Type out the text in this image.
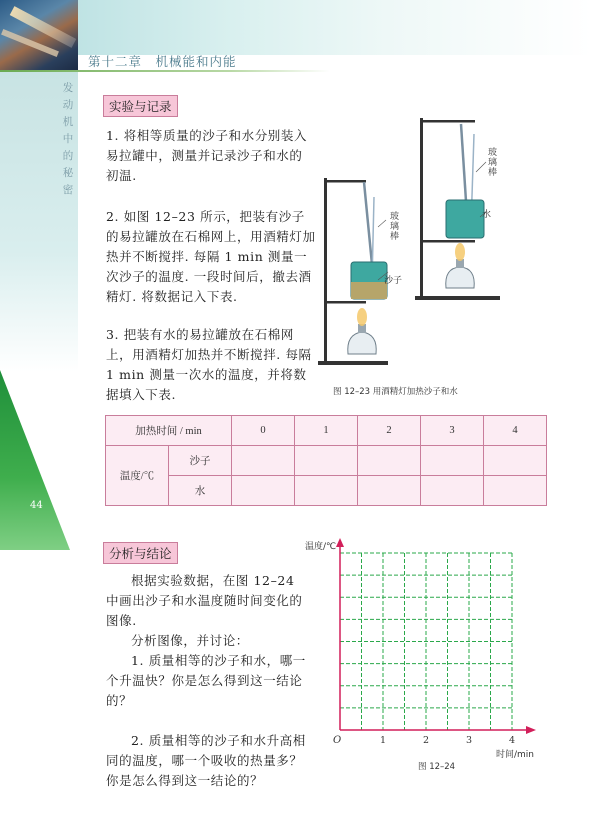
第十二章　机械能和内能
发动机中的秘密
44
实验与记录
1. 将相等质量的沙子和水分别装入易拉罐中，测量并记录沙子和水的初温.
2. 如图 12–23 所示，把装有沙子的易拉罐放在石棉网上，用酒精灯加热并不断搅拌. 每隔 1 min 测量一次沙子的温度. 一段时间后，撤去酒精灯. 将数据记入下表.
3. 把装有水的易拉罐放在石棉网上，用酒精灯加热并不断搅拌. 每隔 1 min 测量一次水的温度，并将数据填入下表.
玻璃棒
沙子
玻璃棒
水
图 12–23 用酒精灯加热沙子和水
加热时间 / min		0	1	2	3	4
温度/℃	沙子					
	水					
分析与结论
根据实验数据，在图 12–24 中画出沙子和水温度随时间变化的图像.
分析图像，并讨论：
1. 质量相等的沙子和水，哪一个升温快？你是怎么得到这一结论的？
2. 质量相等的沙子和水升高相同的温度，哪一个吸收的热量多？你是怎么得到这一结论的？
温度/℃
O	1	2	3	4
时间/min
图 12–24
